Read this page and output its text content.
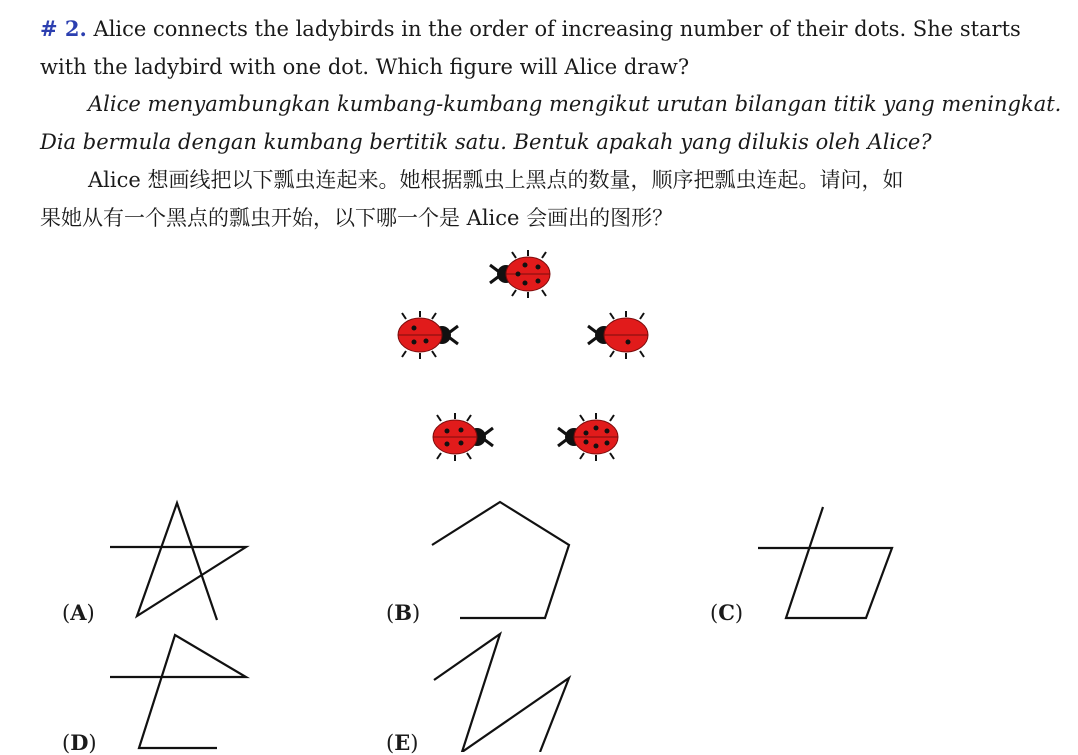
# 2. Alice connects the ladybirds in the order of increasing number of their dots. She starts
with the ladybird with one dot. Which figure will Alice draw?

Alice menyambungkan kumbang-kumbang mengikut urutan bilangan titik yang meningkat.
Dia bermula dengan kumbang bertitik satu. Bentuk apakah yang dilukis oleh Alice?

Alice 想画线把以下瓢虫连起来。她根据瓢虫上黑点的数量，顺序把瓢虫连起。请问，如
果她从有一个黑点的瓢虫开始，以下哪一个是 Alice 会画出的图形？

(A)	(B)	(C)
(D)	(E)
